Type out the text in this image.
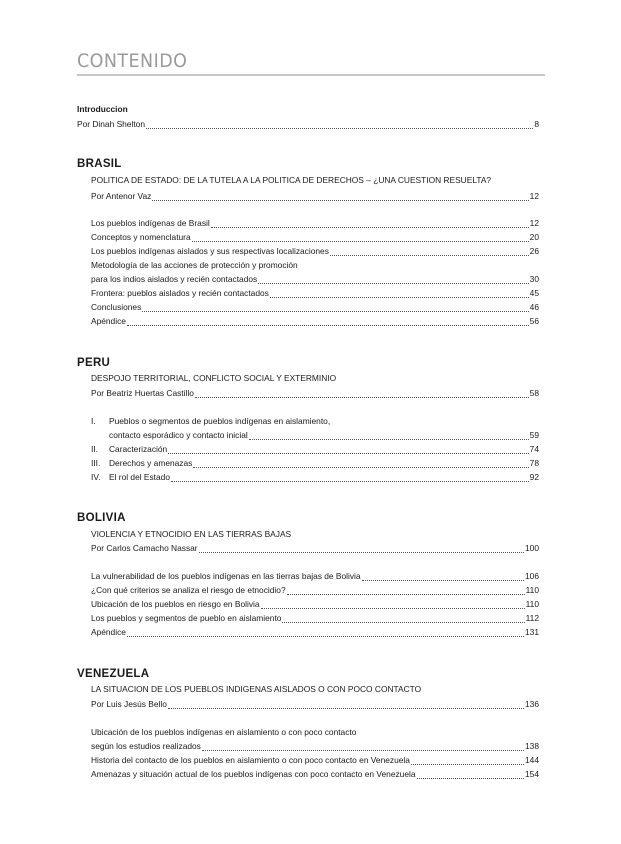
CONTENIDO
Introduccion
Por Dinah Shelton	8
BRASIL
POLITICA DE ESTADO: DE LA TUTELA A LA POLITICA DE DERECHOS – ¿UNA CUESTION RESUELTA?
Por Antenor Vaz	12
Los pueblos indígenas de Brasil	12
Conceptos y nomenclatura	20
Los pueblos indígenas aislados y sus respectivas localizaciones	26
Metodología de las acciones de protección y promoción
para los indios aislados y recién contactados	30
Frontera: pueblos aislados y recién contactados	45
Conclusiones	46
Apéndice	56
PERU
DESPOJO TERRITORIAL, CONFLICTO SOCIAL Y EXTERMINIO
Por Beatriz Huertas Castillo	58
I. Pueblos o segmentos de pueblos indígenas en aislamiento,
contacto esporádico y contacto inicial	59
II. Caracterización	74
III. Derechos y amenazas	78
IV. El rol del Estado	92
BOLIVIA
VIOLENCIA Y ETNOCIDIO EN LAS TIERRAS BAJAS
Por Carlos Camacho Nassar	100
La vulnerabilidad de los pueblos indígenas en las tierras bajas de Bolivia	106
¿Con qué criterios se analiza el riesgo de etnocidio?	110
Ubicación de los pueblos en riesgo en Bolivia	110
Los pueblos y segmentos de pueblo en aislamiento	112
Apéndice	131
VENEZUELA
LA SITUACION DE LOS PUEBLOS INDIGENAS AISLADOS O CON POCO CONTACTO
Por Luis Jesús Bello	136
Ubicación de los pueblos indígenas en aislamiento o con poco contacto
según los estudios realizados	138
Historia del contacto de los pueblos en aislamiento o con poco contacto en Venezuela	144
Amenazas y situación actual de los pueblos indígenas con poco contacto en Venezuela	154
